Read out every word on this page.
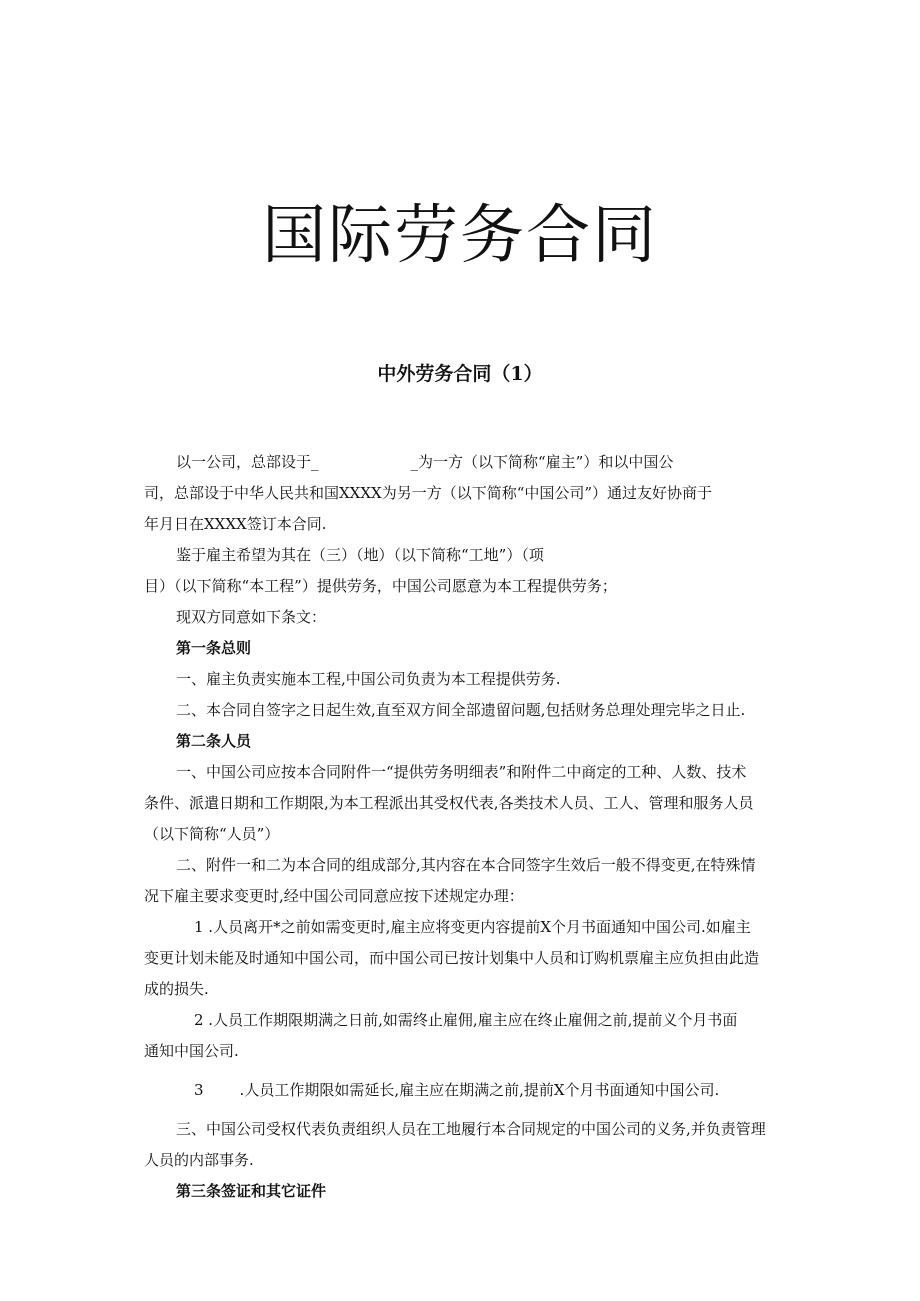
国际劳务合同
中外劳务合同（1）

以一公司，总部设于_	_为一方（以下简称“雇主”）和以中国公

司，总部设于中华人民共和国XXXX为另一方（以下简称“中国公司”）通过友好协商于

年月日在XXXX签订本合同.

鉴于雇主希望为其在（三）（地）（以下简称“工地”）（项

目）（以下简称“本工程”）提供劳务，中国公司愿意为本工程提供劳务；

现双方同意如下条文：

第一条总则

一、雇主负责实施本工程,中国公司负责为本工程提供劳务.

二、本合同自签字之日起生效,直至双方间全部遗留问题,包括财务总理处理完毕之日止.

第二条人员

一、中国公司应按本合同附件一“提供劳务明细表”和附件二中商定的工种、人数、技术

条件、派遣日期和工作期限,为本工程派出其受权代表,各类技术人员、工人、管理和服务人员

（以下简称“人员”）

二、附件一和二为本合同的组成部分,其内容在本合同签字生效后一般不得变更,在特殊情

况下雇主要求变更时,经中国公司同意应按下述规定办理：

1 .人员离开*之前如需变更时,雇主应将变更内容提前X个月书面通知中国公司.如雇主

变更计划未能及时通知中国公司，而中国公司已按计划集中人员和订购机票雇主应负担由此造

成的损失.

2 .人员工作期限期满之日前,如需终止雇佣,雇主应在终止雇佣之前,提前义个月书面

通知中国公司.

3 .人员工作期限如需延长,雇主应在期满之前,提前X个月书面通知中国公司.

三、中国公司受权代表负责组织人员在工地履行本合同规定的中国公司的义务,并负责管理

人员的内部事务.

第三条签证和其它证件
